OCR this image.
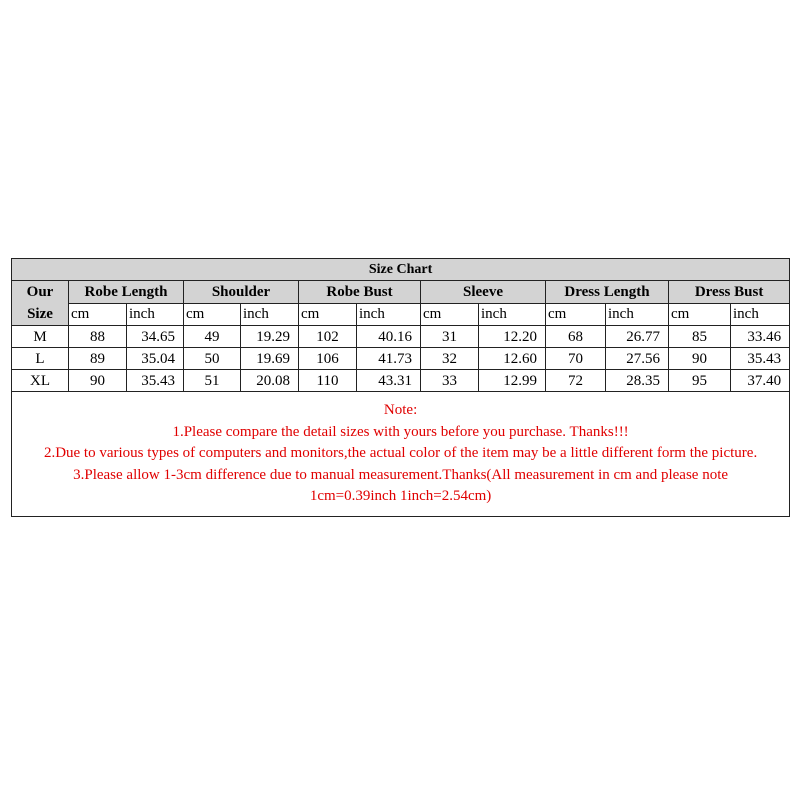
Size Chart												
Our
Size	Robe Length		Shoulder		Robe Bust		Sleeve		Dress Length		Dress Bust	
	cm	inch	cm	inch	cm	inch	cm	inch	cm	inch	cm	inch
M	88	34.65	49	19.29	102	40.16	31	12.20	68	26.77	85	33.46
L	89	35.04	50	19.69	106	41.73	32	12.60	70	27.56	90	35.43
XL	90	35.43	51	20.08	110	43.31	33	12.99	72	28.35	95	37.40

Note:
1.Please compare the detail sizes with yours before you purchase. Thanks!!!
2.Due to various types of computers and monitors,the actual color of the item may be a little different form the picture.
3.Please allow 1-3cm difference due to manual measurement.Thanks(All measurement in cm and please note 1cm=0.39inch 1inch=2.54cm)												
